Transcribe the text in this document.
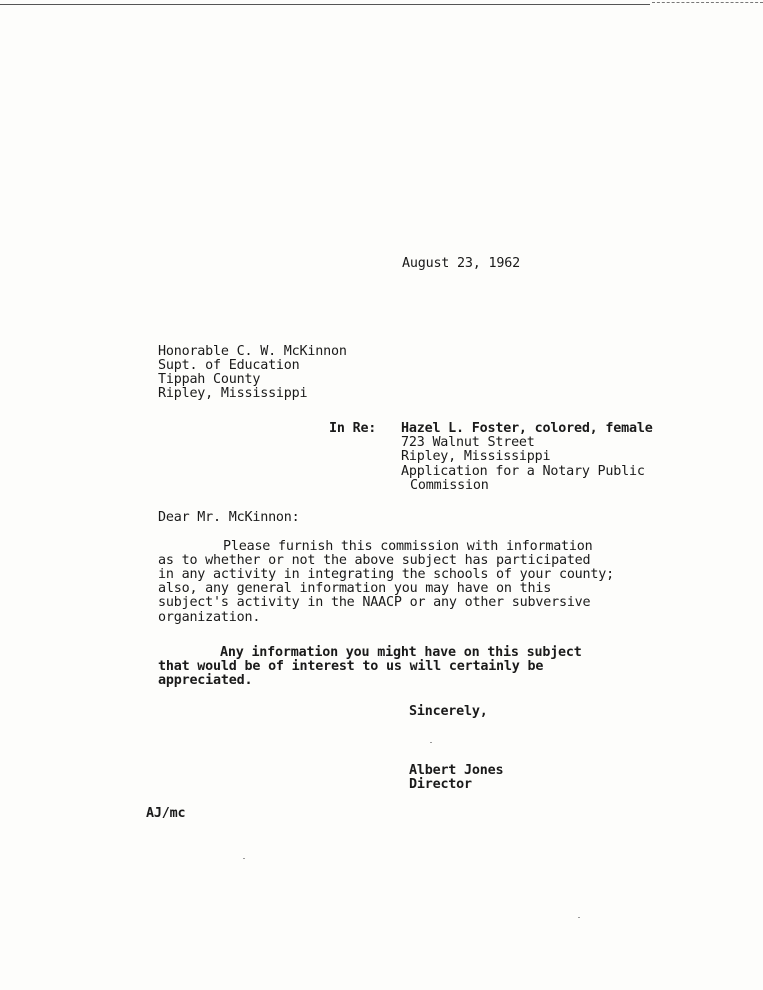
August 23, 1962
Honorable C. W. McKinnon
Supt. of Education
Tippah County
Ripley, Mississippi
In Re: Hazel L. Foster, colored, female
723 Walnut Street
Ripley, Mississippi
Application for a Notary Public
Commission
Dear Mr. McKinnon:
Please furnish this commission with information
as to whether or not the above subject has participated
in any activity in integrating the schools of your county;
also, any general information you may have on this
subject's activity in the NAACP or any other subversive
organization.
Any information you might have on this subject
that would be of interest to us will certainly be
appreciated.
Sincerely,
Albert Jones
Director
AJ/mc
